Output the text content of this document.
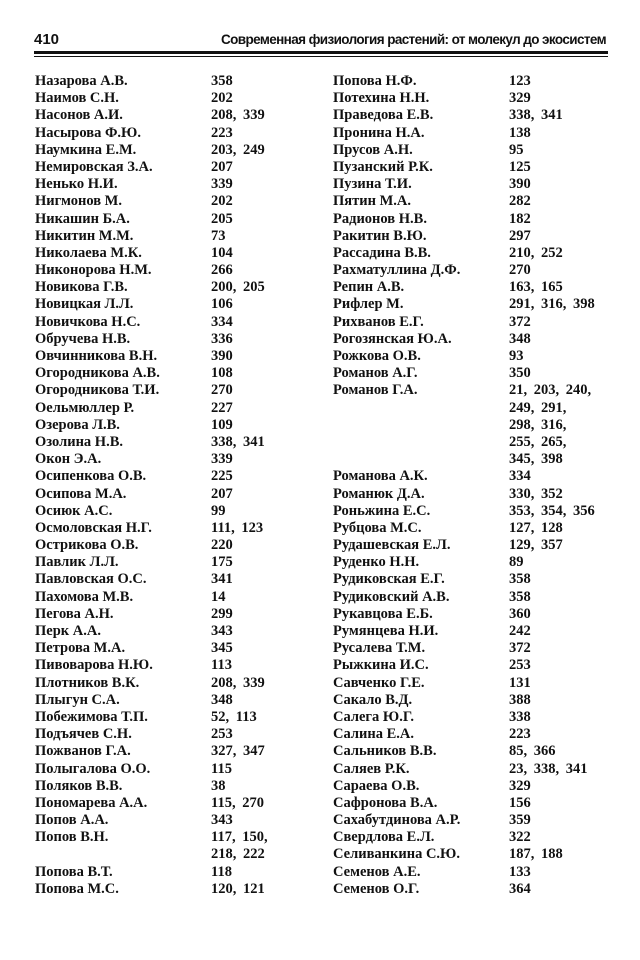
410	Современная физиология растений: от молекул до экосистем
Назарова А.В.	358
Наимов С.Н.	202
Насонов А.И.	208, 339
Насырова Ф.Ю.	223
Наумкина Е.М.	203, 249
Немировская З.А.	207
Ненько Н.И.	339
Нигмонов М.	202
Никашин Б.А.	205
Никитин М.М.	73
Николаева М.К.	104
Никонорова Н.М.	266
Новикова Г.В.	200, 205
Новицкая Л.Л.	106
Новичкова Н.С.	334
Обручева Н.В.	336
Овчинникова В.Н.	390
Огородникова А.В.	108
Огородникова Т.И.	270
Оельмюллер Р.	227
Озерова Л.В.	109
Озолина Н.В.	338, 341
Окон Э.А.	339
Осипенкова О.В.	225
Осипова М.А.	207
Осиюк А.С.	99
Осмоловская Н.Г.	111, 123
Острикова О.В.	220
Павлик Л.Л.	175
Павловская О.С.	341
Пахомова М.В.	14
Пегова А.Н.	299
Перк А.А.	343
Петрова М.А.	345
Пивоварова Н.Ю.	113
Плотников В.К.	208, 339
Плыгун С.А.	348
Побежимова Т.П.	52, 113
Подъячев С.Н.	253
Пожванов Г.А.	327, 347
Полыгалова О.О.	115
Поляков В.В.	38
Пономарева А.А.	115, 270
Попов А.А.	343
Попов В.Н.	117, 150,
218, 222
Попова В.Т.	118
Попова М.С.	120, 121
Попова Н.Ф.	123
Потехина Н.Н.	329
Праведова Е.В.	338, 341
Пронина Н.А.	138
Прусов А.Н.	95
Пузанский Р.К.	125
Пузина Т.И.	390
Пятин М.А.	282
Радионов Н.В.	182
Ракитин В.Ю.	297
Рассадина В.В.	210, 252
Рахматуллина Д.Ф.	270
Репин А.В.	163, 165
Рифлер М.	291, 316, 398
Рихванов Е.Г.	372
Рогозянская Ю.А.	348
Рожкова О.В.	93
Романов А.Г.	350
Романов Г.А.	21, 203, 240,
249, 291,
298, 316,
255, 265,
345, 398
Романова А.К.	334
Романюк Д.А.	330, 352
Роньжина Е.С.	353, 354, 356
Рубцова М.С.	127, 128
Рудашевская Е.Л.	129, 357
Руденко Н.Н.	89
Рудиковская Е.Г.	358
Рудиковский А.В.	358
Рукавцова Е.Б.	360
Румянцева Н.И.	242
Русалева Т.М.	372
Рыжкина И.С.	253
Савченко Г.Е.	131
Сакало В.Д.	388
Салега Ю.Г.	338
Салина Е.А.	223
Сальников В.В.	85, 366
Саляев Р.К.	23, 338, 341
Сараева О.В.	329
Сафронова В.А.	156
Сахабутдинова А.Р.	359
Свердлова Е.Л.	322
Селиванкина С.Ю.	187, 188
Семенов А.Е.	133
Семенов О.Г.	364
